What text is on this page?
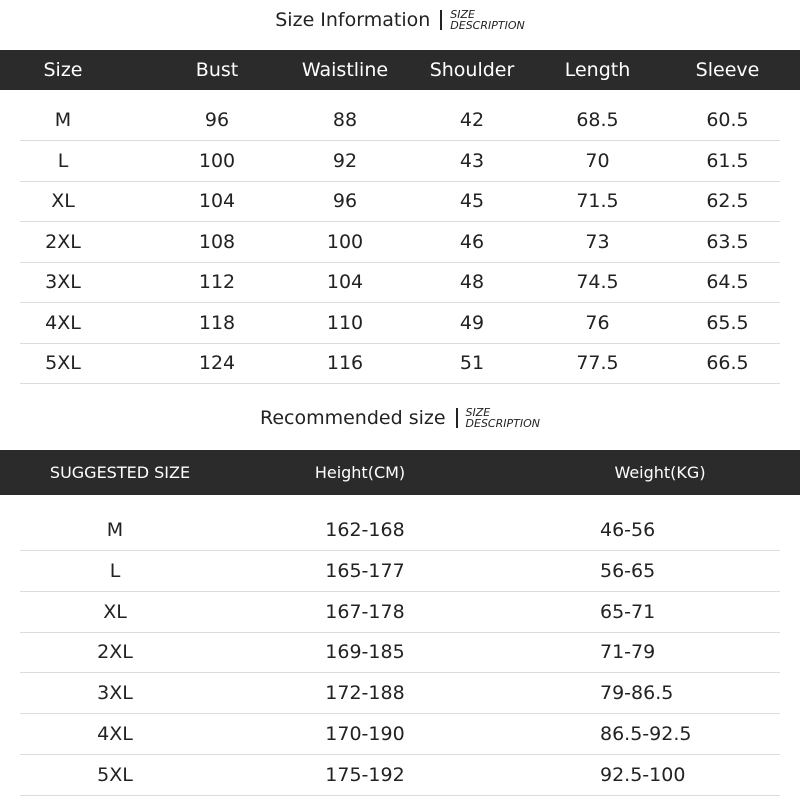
Size Information SIZE
DESCRIPTION
Size	Bust	Waistline	Shoulder	Length	Sleeve
M	96	88	42	68.5	60.5
L	100	92	43	70	61.5
XL	104	96	45	71.5	62.5
2XL	108	100	46	73	63.5
3XL	112	104	48	74.5	64.5
4XL	118	110	49	76	65.5
5XL	124	116	51	77.5	66.5
Recommended size SIZE
DESCRIPTION
SUGGESTED SIZE	Height(CM)	Weight(KG)
M	162-168	46-56
L	165-177	56-65
XL	167-178	65-71
2XL	169-185	71-79
3XL	172-188	79-86.5
4XL	170-190	86.5-92.5
5XL	175-192	92.5-100
